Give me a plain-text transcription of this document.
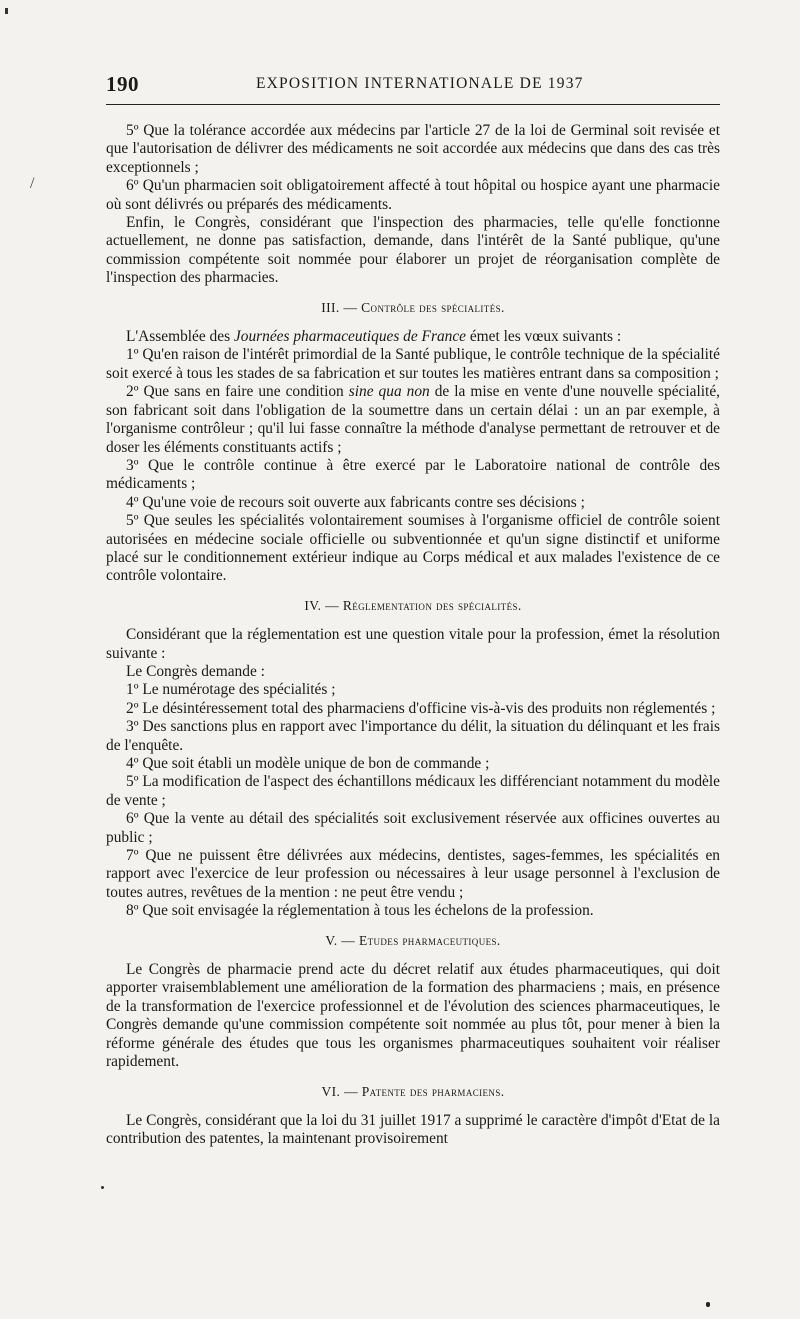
190	EXPOSITION INTERNATIONALE DE 1937
/

5º Que la tolérance accordée aux médecins par l'article 27 de la loi de Germinal soit revisée et que l'autorisation de délivrer des médicaments ne soit accordée aux médecins que dans des cas très exceptionnels ;

6º Qu'un pharmacien soit obligatoirement affecté à tout hôpital ou hospice ayant une pharmacie où sont délivrés ou préparés des médicaments.

Enfin, le Congrès, considérant que l'inspection des pharmacies, telle qu'elle fonctionne actuellement, ne donne pas satisfaction, demande, dans l'intérêt de la Santé publique, qu'une commission compétente soit nommée pour élaborer un projet de réorganisation complète de l'inspection des pharmacies.

III. — Contrôle des spécialités.

L'Assemblée des Journées pharmaceutiques de France émet les vœux suivants :

1º Qu'en raison de l'intérêt primordial de la Santé publique, le contrôle technique de la spécialité soit exercé à tous les stades de sa fabrication et sur toutes les matières entrant dans sa composition ;

2º Que sans en faire une condition sine qua non de la mise en vente d'une nouvelle spécialité, son fabricant soit dans l'obligation de la soumettre dans un certain délai : un an par exemple, à l'organisme contrôleur ; qu'il lui fasse connaître la méthode d'analyse permettant de retrouver et de doser les éléments constituants actifs ;

3º Que le contrôle continue à être exercé par le Laboratoire national de contrôle des médicaments ;

4º Qu'une voie de recours soit ouverte aux fabricants contre ses décisions ;

5º Que seules les spécialités volontairement soumises à l'organisme officiel de contrôle soient autorisées en médecine sociale officielle ou subventionnée et qu'un signe distinctif et uniforme placé sur le conditionnement extérieur indique au Corps médical et aux malades l'existence de ce contrôle volontaire.

IV. — Réglementation des spécialités.

Considérant que la réglementation est une question vitale pour la profession, émet la résolution suivante :

Le Congrès demande :

1º Le numérotage des spécialités ;

2º Le désintéressement total des pharmaciens d'officine vis-à-vis des produits non réglementés ;

3º Des sanctions plus en rapport avec l'importance du délit, la situation du délinquant et les frais de l'enquête.

4º Que soit établi un modèle unique de bon de commande ;

5º La modification de l'aspect des échantillons médicaux les différenciant notamment du modèle de vente ;

6º Que la vente au détail des spécialités soit exclusivement réservée aux officines ouvertes au public ;

7º Que ne puissent être délivrées aux médecins, dentistes, sages-femmes, les spécialités en rapport avec l'exercice de leur profession ou nécessaires à leur usage personnel à l'exclusion de toutes autres, revêtues de la mention : ne peut être vendu ;

8º Que soit envisagée la réglementation à tous les échelons de la profession.

V. — Etudes pharmaceutiques.

Le Congrès de pharmacie prend acte du décret relatif aux études pharmaceutiques, qui doit apporter vraisemblablement une amélioration de la formation des pharmaciens ; mais, en présence de la transformation de l'exercice professionnel et de l'évolution des sciences pharmaceutiques, le Congrès demande qu'une commission compétente soit nommée au plus tôt, pour mener à bien la réforme générale des études que tous les organismes pharmaceutiques souhaitent voir réaliser rapidement.

VI. — Patente des pharmaciens.

Le Congrès, considérant que la loi du 31 juillet 1917 a supprimé le caractère d'impôt d'Etat de la contribution des patentes, la maintenant provisoirement
